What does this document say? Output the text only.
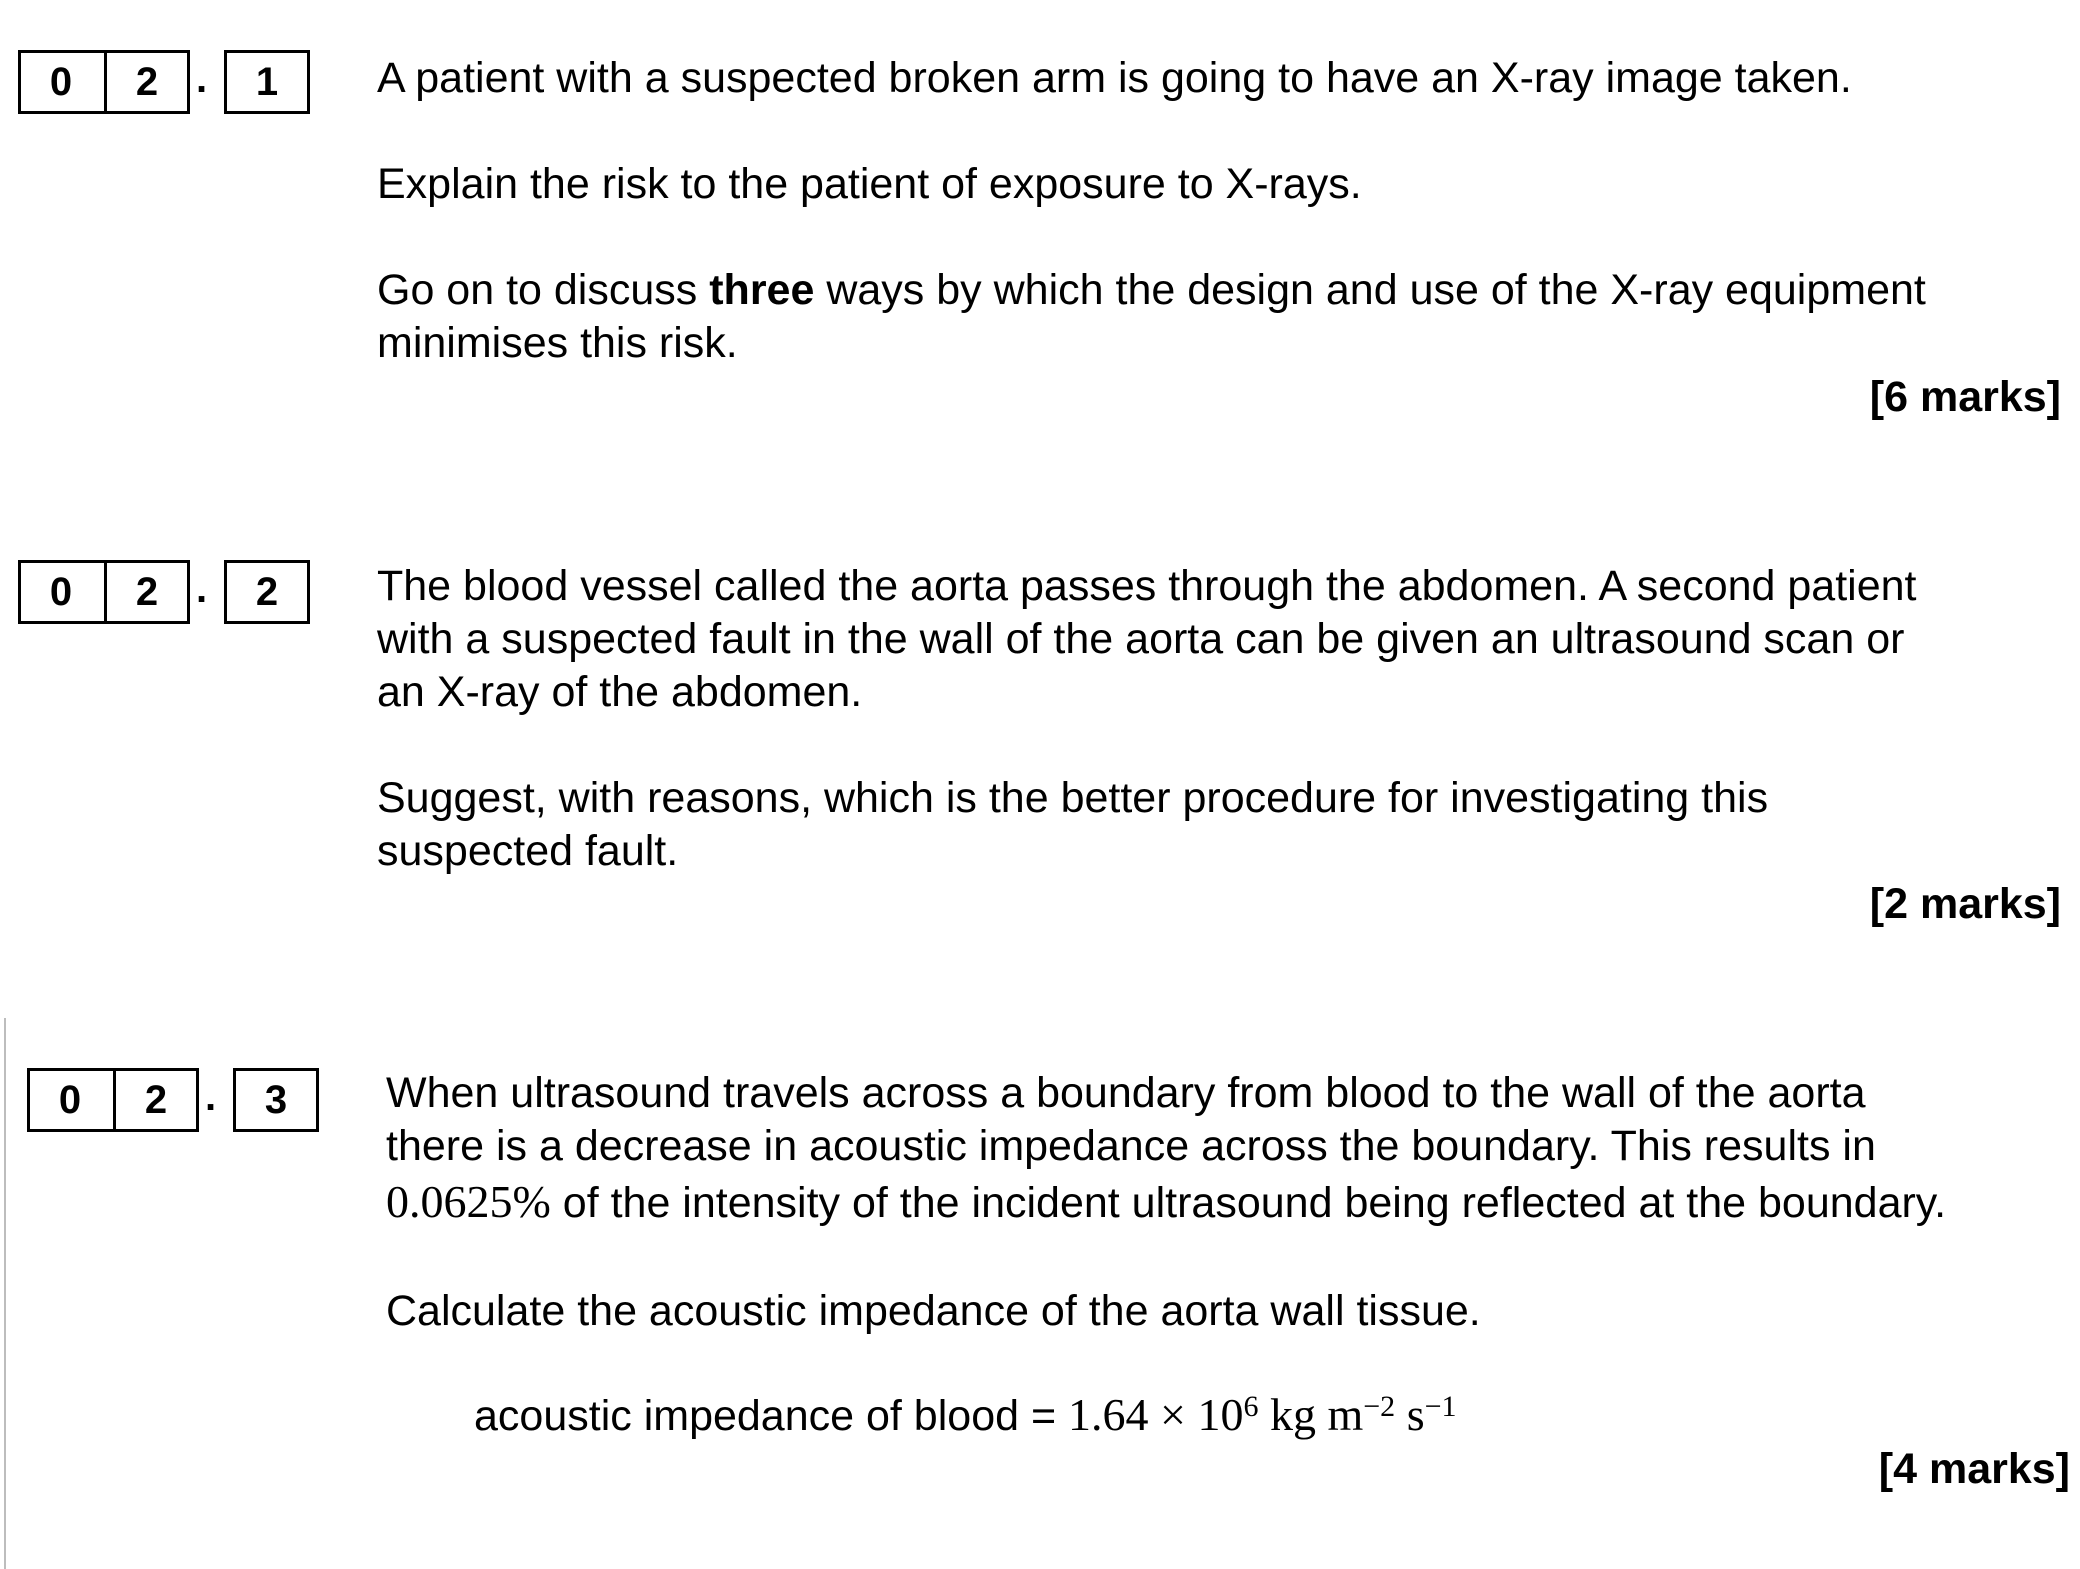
0	2 .	1	A patient with a suspected broken arm is going to have an X-ray image taken.

Explain the risk to the patient of exposure to X-rays.

Go on to discuss three ways by which the design and use of the X-ray equipment

minimises this risk.

[6 marks]
0	2 .	2	The blood vessel called the aorta passes through the abdomen. A second patient

with a suspected fault in the wall of the aorta can be given an ultrasound scan or

an X-ray of the abdomen.

Suggest, with reasons, which is the better procedure for investigating this

suspected fault.

[2 marks]
0	2 .	3	When ultrasound travels across a boundary from blood to the wall of the aorta

there is a decrease in acoustic impedance across the boundary. This results in

0.0625% of the intensity of the incident ultrasound being reflected at the boundary.

Calculate the acoustic impedance of the aorta wall tissue.

acoustic impedance of blood = $1.64 \times 10^6$ kg $m^{-2}$ $s^{-1}$

[4 marks]
